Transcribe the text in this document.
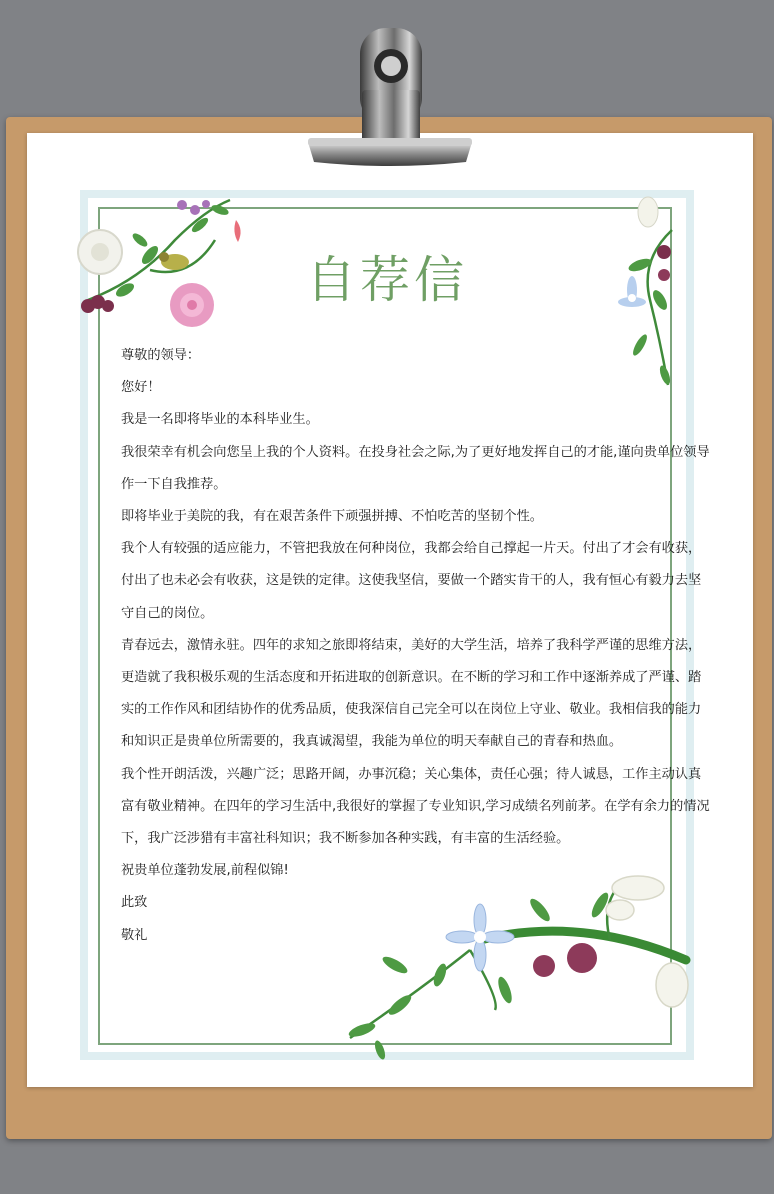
自荐信

尊敬的领导：

您好！

我是一名即将毕业的本科毕业生。

我很荣幸有机会向您呈上我的个人资料。在投身社会之际,为了更好地发挥自己的才能,谨向贵单位领导

作一下自我推荐。

即将毕业于美院的我，有在艰苦条件下顽强拼搏、不怕吃苦的坚韧个性。

我个人有较强的适应能力，不管把我放在何种岗位，我都会给自己撑起一片天。付出了才会有收获，

付出了也未必会有收获，这是铁的定律。这使我坚信，要做一个踏实肯干的人，我有恒心有毅力去坚

守自己的岗位。

青春远去，激情永驻。四年的求知之旅即将结束，美好的大学生活，培养了我科学严谨的思维方法，

更造就了我积极乐观的生活态度和开拓进取的创新意识。在不断的学习和工作中逐渐养成了严谨、踏

实的工作作风和团结协作的优秀品质，使我深信自己完全可以在岗位上守业、敬业。我相信我的能力

和知识正是贵单位所需要的，我真诚渴望，我能为单位的明天奉献自己的青春和热血。

我个性开朗活泼，兴趣广泛；思路开阔，办事沉稳；关心集体，责任心强；待人诚恳，工作主动认真

富有敬业精神。在四年的学习生活中,我很好的掌握了专业知识,学习成绩名列前茅。在学有余力的情况

下，我广泛涉猎有丰富社科知识；我不断参加各种实践，有丰富的生活经验。

祝贵单位蓬勃发展,前程似锦!

此致

敬礼
